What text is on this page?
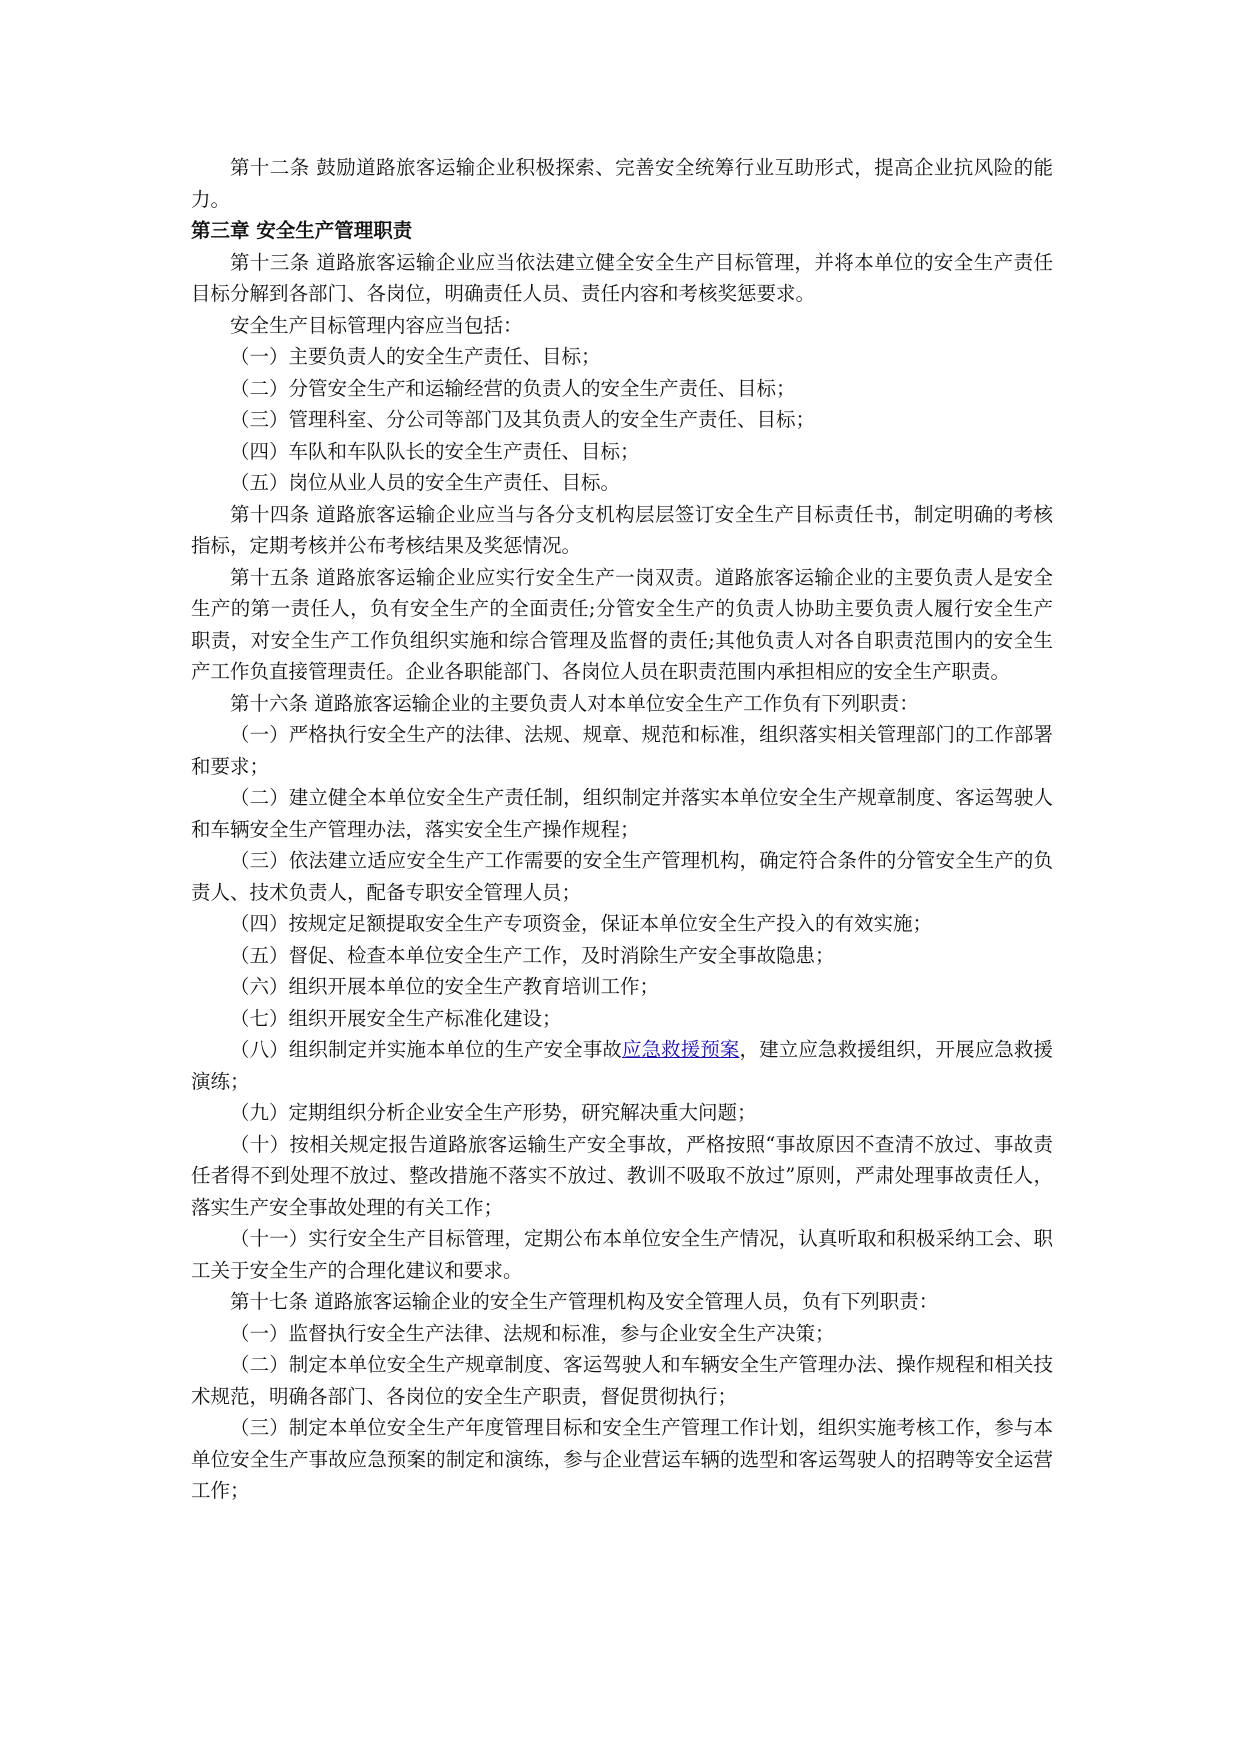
第十二条 鼓励道路旅客运输企业积极探索、完善安全统筹行业互助形式，提高企业抗风险的能力。

第三章 安全生产管理职责

第十三条 道路旅客运输企业应当依法建立健全安全生产目标管理，并将本单位的安全生产责任目标分解到各部门、各岗位，明确责任人员、责任内容和考核奖惩要求。

安全生产目标管理内容应当包括：

（一）主要负责人的安全生产责任、目标；

（二）分管安全生产和运输经营的负责人的安全生产责任、目标；

（三）管理科室、分公司等部门及其负责人的安全生产责任、目标；

（四）车队和车队队长的安全生产责任、目标；

（五）岗位从业人员的安全生产责任、目标。

第十四条 道路旅客运输企业应当与各分支机构层层签订安全生产目标责任书，制定明确的考核指标，定期考核并公布考核结果及奖惩情况。

第十五条 道路旅客运输企业应实行安全生产一岗双责。道路旅客运输企业的主要负责人是安全生产的第一责任人，负有安全生产的全面责任;分管安全生产的负责人协助主要负责人履行安全生产职责，对安全生产工作负组织实施和综合管理及监督的责任;其他负责人对各自职责范围内的安全生产工作负直接管理责任。企业各职能部门、各岗位人员在职责范围内承担相应的安全生产职责。

第十六条 道路旅客运输企业的主要负责人对本单位安全生产工作负有下列职责：

（一）严格执行安全生产的法律、法规、规章、规范和标准，组织落实相关管理部门的工作部署和要求；

（二）建立健全本单位安全生产责任制，组织制定并落实本单位安全生产规章制度、客运驾驶人和车辆安全生产管理办法，落实安全生产操作规程；

（三）依法建立适应安全生产工作需要的安全生产管理机构，确定符合条件的分管安全生产的负责人、技术负责人，配备专职安全管理人员；

（四）按规定足额提取安全生产专项资金，保证本单位安全生产投入的有效实施；

（五）督促、检查本单位安全生产工作，及时消除生产安全事故隐患；

（六）组织开展本单位的安全生产教育培训工作；

（七）组织开展安全生产标准化建设；

（八）组织制定并实施本单位的生产安全事故应急救援预案，建立应急救援组织，开展应急救援演练；

（九）定期组织分析企业安全生产形势，研究解决重大问题；

（十）按相关规定报告道路旅客运输生产安全事故，严格按照“事故原因不查清不放过、事故责任者得不到处理不放过、整改措施不落实不放过、教训不吸取不放过”原则，严肃处理事故责任人，落实生产安全事故处理的有关工作；

（十一）实行安全生产目标管理，定期公布本单位安全生产情况，认真听取和积极采纳工会、职工关于安全生产的合理化建议和要求。

第十七条 道路旅客运输企业的安全生产管理机构及安全管理人员，负有下列职责：

（一）监督执行安全生产法律、法规和标准，参与企业安全生产决策；

（二）制定本单位安全生产规章制度、客运驾驶人和车辆安全生产管理办法、操作规程和相关技术规范，明确各部门、各岗位的安全生产职责，督促贯彻执行；

（三）制定本单位安全生产年度管理目标和安全生产管理工作计划，组织实施考核工作，参与本单位安全生产事故应急预案的制定和演练，参与企业营运车辆的选型和客运驾驶人的招聘等安全运营工作；
